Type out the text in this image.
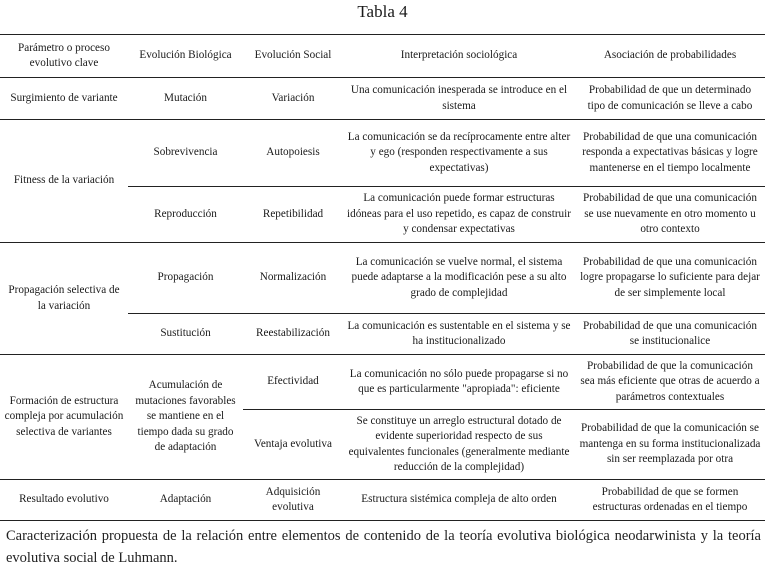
Tabla 4
Parámetro o proceso evolutivo clave	Evolución Biológica	Evolución Social	Interpretación sociológica	Asociación de probabilidades
Surgimiento de variante	Mutación	Variación	Una comunicación inesperada se introduce en el sistema	Probabilidad de que un determinado tipo de comunicación se lleve a cabo
Fitness de la variación	Sobrevivencia	Autopoiesis	La comunicación se da recíprocamente entre alter y ego (responden respectivamente a sus expectativas)	Probabilidad de que una comunicación responda a expectativas básicas y logre mantenerse en el tiempo localmente
	Reproducción	Repetibilidad	La comunicación puede formar estructuras idóneas para el uso repetido, es capaz de construir y condensar expectativas	Probabilidad de que una comunicación se use nuevamente en otro momento u otro contexto
Propagación selectiva de la variación	Propagación	Normalización	La comunicación se vuelve normal, el sistema puede adaptarse a la modificación pese a su alto grado de complejidad	Probabilidad de que una comunicación logre propagarse lo suficiente para dejar de ser simplemente local
	Sustitución	Reestabilización	La comunicación es sustentable en el sistema y se ha institucionalizado	Probabilidad de que una comunicación se institucionalice
Formación de estructura compleja por acumulación selectiva de variantes	Acumulación de mutaciones favorables se mantiene en el tiempo dada su grado de adaptación	Efectividad	La comunicación no sólo puede propagarse si no que es particularmente "apropiada": eficiente	Probabilidad de que la comunicación sea más eficiente que otras de acuerdo a parámetros contextuales
		Ventaja evolutiva	Se constituye un arreglo estructural dotado de evidente superioridad respecto de sus equivalentes funcionales (generalmente mediante reducción de la complejidad)	Probabilidad de que la comunicación se mantenga en su forma institucionalizada sin ser reemplazada por otra
Resultado evolutivo	Adaptación	Adquisición evolutiva	Estructura sistémica compleja de alto orden	Probabilidad de que se formen estructuras ordenadas en el tiempo
Caracterización propuesta de la relación entre elementos de contenido de la teoría evolutiva biológica neodarwinista y la teoría evolutiva social de Luhmann.
